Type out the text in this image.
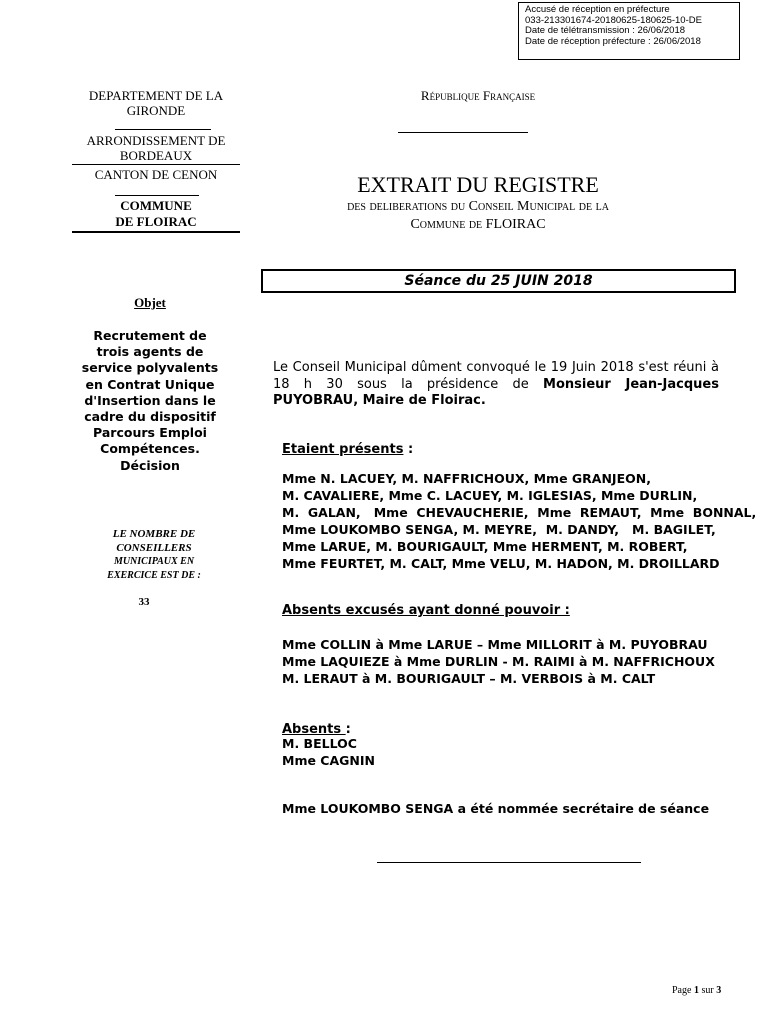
Accusé de réception en préfecture
033-213301674-20180625-180625-10-DE
Date de télétransmission : 26/06/2018
Date de réception préfecture : 26/06/2018
DEPARTEMENT DE LA GIRONDE
ARRONDISSEMENT DE BORDEAUX
CANTON DE CENON
COMMUNE
DE FLOIRAC
République Française
EXTRAIT DU REGISTRE
des deliberations du Conseil Municipal de la
Commune de FLOIRAC
Séance du 25 JUIN 2018
Objet
Recrutement de
trois agents de
service polyvalents
en Contrat Unique
d'Insertion dans le
cadre du dispositif
Parcours Emploi
Compétences.
Décision
LE NOMBRE DE
CONSEILLERS
MUNICIPAUX EN
EXERCICE EST DE :
33
Le Conseil Municipal dûment convoqué le 19 Juin 2018 s'est réuni à 18 h 30 sous la présidence de Monsieur Jean-Jacques PUYOBRAU, Maire de Floirac.
Etaient présents :
Mme N. LACUEY, M. NAFFRICHOUX, Mme GRANJEON,
M. CAVALIERE, Mme C. LACUEY, M. IGLESIAS, Mme DURLIN,
M.  GALAN,   Mme  CHEVAUCHERIE,  Mme  REMAUT,  Mme  BONNAL,
Mme LOUKOMBO SENGA, M. MEYRE,  M. DANDY,   M. BAGILET,
Mme LARUE, M. BOURIGAULT, Mme HERMENT, M. ROBERT,
Mme FEURTET, M. CALT, Mme VELU, M. HADON, M. DROILLARD
Absents excusés ayant donné pouvoir :
Mme COLLIN à Mme LARUE – Mme MILLORIT à M. PUYOBRAU
Mme LAQUIEZE à Mme DURLIN - M. RAIMI à M. NAFFRICHOUX
M. LERAUT à M. BOURIGAULT – M. VERBOIS à M. CALT
Absents :
M. BELLOC
Mme CAGNIN
Mme LOUKOMBO SENGA a été nommée secrétaire de séance
Page 1 sur 3
